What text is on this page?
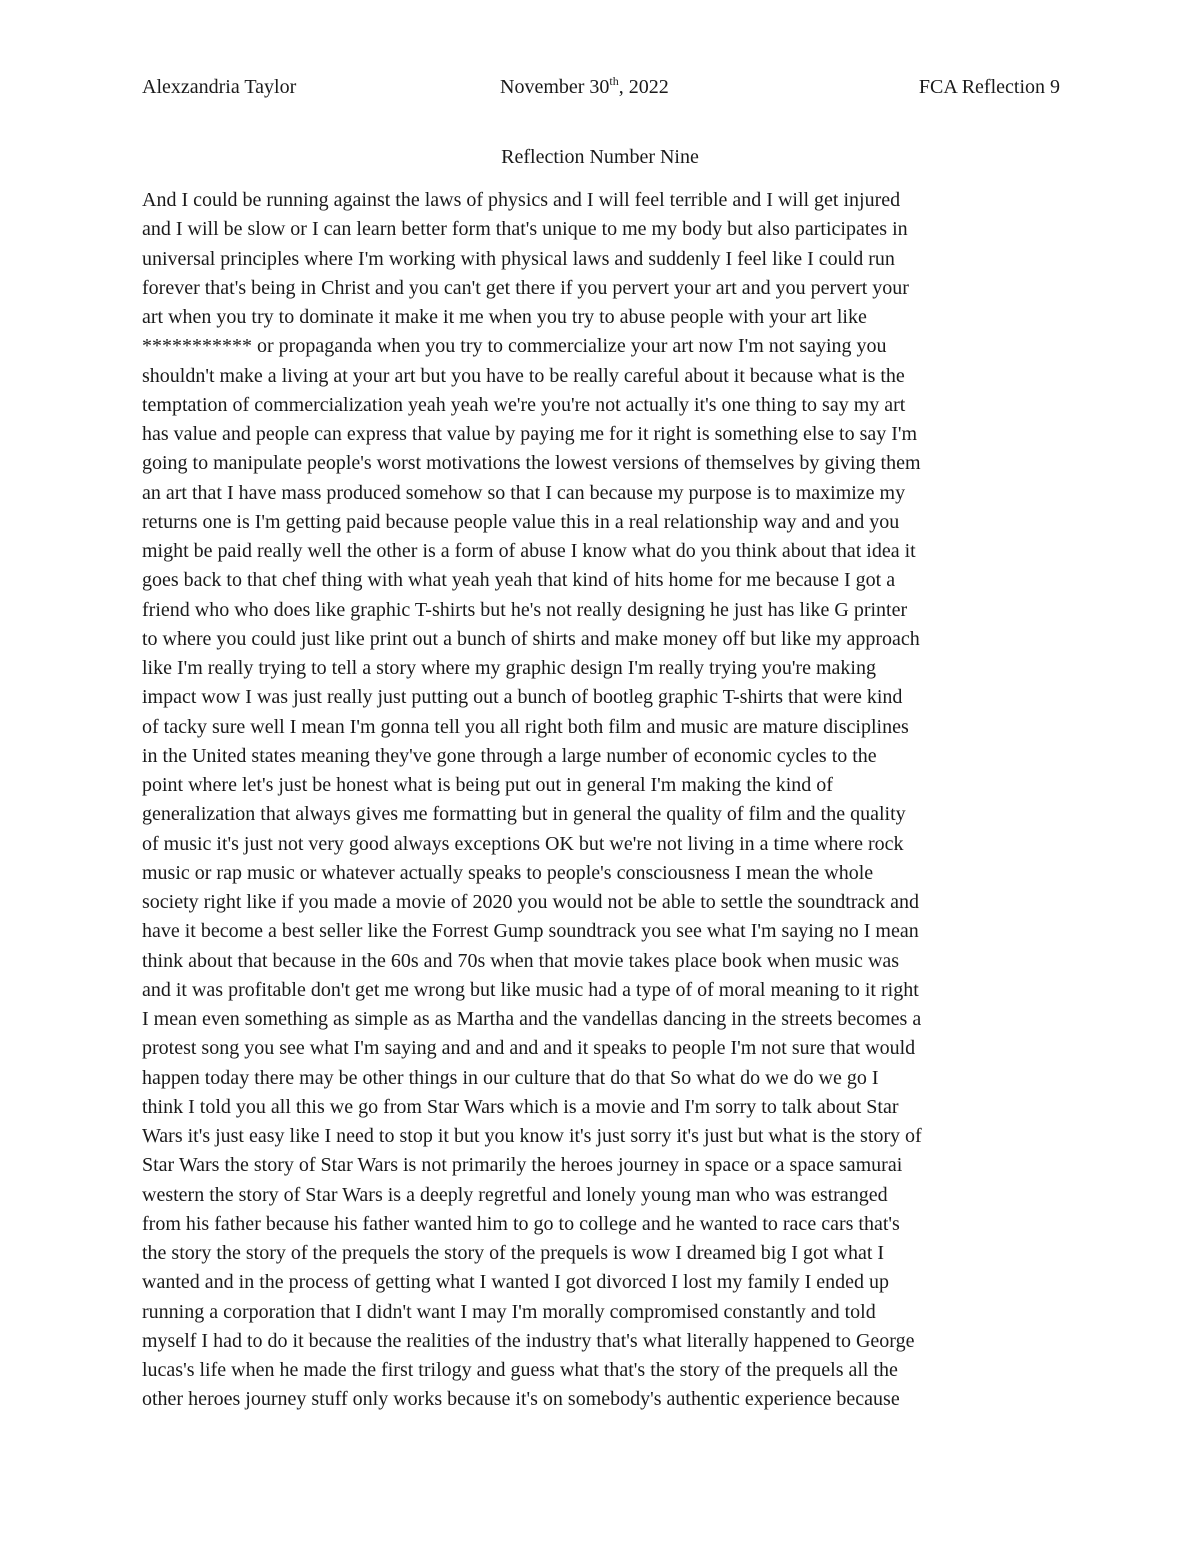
Alexzandria Taylor	November 30th, 2022	FCA Reflection 9
Reflection Number Nine
And I could be running against the laws of physics and I will feel terrible and I will get injured
and I will be slow or I can learn better form that's unique to me my body but also participates in
universal principles where I'm working with physical laws and suddenly I feel like I could run
forever that's being in Christ and you can't get there if you pervert your art and you pervert your
art when you try to dominate it make it me when you try to abuse people with your art like
*********** or propaganda when you try to commercialize your art now I'm not saying you
shouldn't make a living at your art but you have to be really careful about it because what is the
temptation of commercialization yeah yeah we're you're not actually it's one thing to say my art
has value and people can express that value by paying me for it right is something else to say I'm
going to manipulate people's worst motivations the lowest versions of themselves by giving them
an art that I have mass produced somehow so that I can because my purpose is to maximize my
returns one is I'm getting paid because people value this in a real relationship way and and you
might be paid really well the other is a form of abuse I know what do you think about that idea it
goes back to that chef thing with what yeah yeah that kind of hits home for me because I got a
friend who who does like graphic T-shirts but he's not really designing he just has like G printer
to where you could just like print out a bunch of shirts and make money off but like my approach
like I'm really trying to tell a story where my graphic design I'm really trying you're making
impact wow I was just really just putting out a bunch of bootleg graphic T-shirts that were kind
of tacky sure well I mean I'm gonna tell you all right both film and music are mature disciplines
in the United states meaning they've gone through a large number of economic cycles to the
point where let's just be honest what is being put out in general I'm making the kind of
generalization that always gives me formatting but in general the quality of film and the quality
of music it's just not very good always exceptions OK but we're not living in a time where rock
music or rap music or whatever actually speaks to people's consciousness I mean the whole
society right like if you made a movie of 2020 you would not be able to settle the soundtrack and
have it become a best seller like the Forrest Gump soundtrack you see what I'm saying no I mean
think about that because in the 60s and 70s when that movie takes place book when music was
and it was profitable don't get me wrong but like music had a type of of moral meaning to it right
I mean even something as simple as as Martha and the vandellas dancing in the streets becomes a
protest song you see what I'm saying and and and and it speaks to people I'm not sure that would
happen today there may be other things in our culture that do that So what do we do we go I
think I told you all this we go from Star Wars which is a movie and I'm sorry to talk about Star
Wars it's just easy like I need to stop it but you know it's just sorry it's just but what is the story of
Star Wars the story of Star Wars is not primarily the heroes journey in space or a space samurai
western the story of Star Wars is a deeply regretful and lonely young man who was estranged
from his father because his father wanted him to go to college and he wanted to race cars that's
the story the story of the prequels the story of the prequels is wow I dreamed big I got what I
wanted and in the process of getting what I wanted I got divorced I lost my family I ended up
running a corporation that I didn't want I may I'm morally compromised constantly and told
myself I had to do it because the realities of the industry that's what literally happened to George
lucas's life when he made the first trilogy and guess what that's the story of the prequels all the
other heroes journey stuff only works because it's on somebody's authentic experience because
